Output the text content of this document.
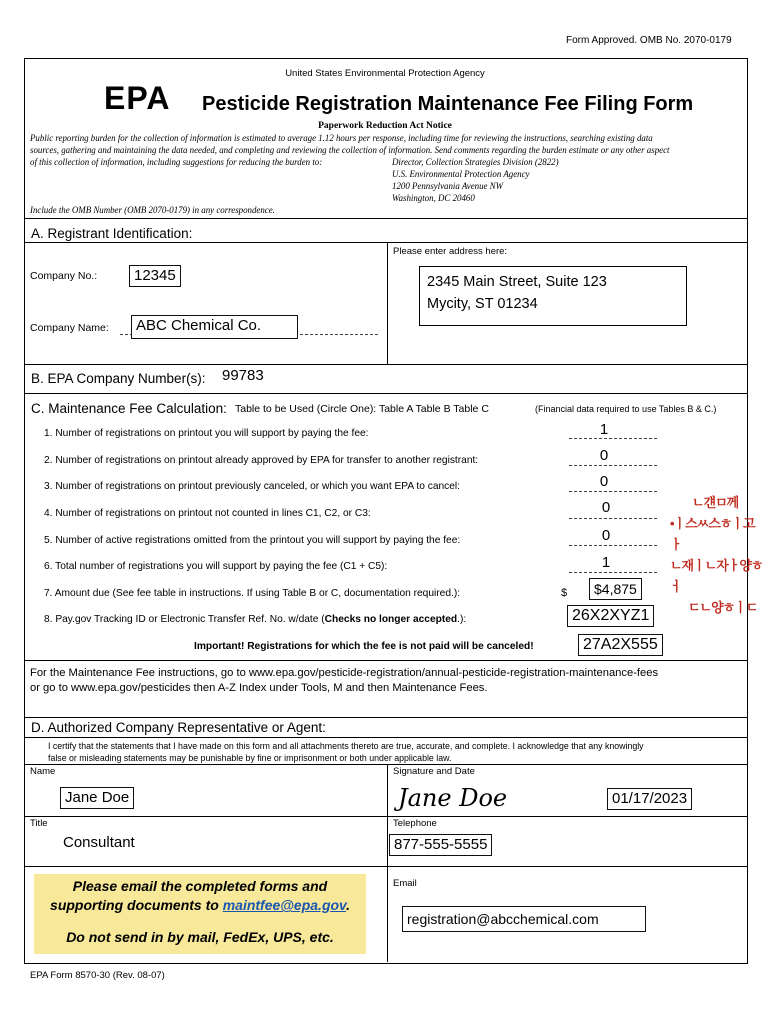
Form Approved. OMB No. 2070-0179
United States Environmental Protection Agency
EPA Pesticide Registration Maintenance Fee Filing Form
Paperwork Reduction Act Notice
Public reporting burden for the collection of information is estimated to average 1.12 hours per response, including time for reviewing the instructions, searching existing data
sources, gathering and maintaining the data needed, and completing and reviewing the collection of information. Send comments regarding the burden estimate or any other aspect
of this collection of information, including suggestions for reducing the burden to:	Director, Collection Strategies Division (2822)
U.S. Environmental Protection Agency
1200 Pennsylvania Avenue NW
Washington, DC 20460
Include the OMB Number (OMB 2070-0179) in any correspondence.
A. Registrant Identification:
Please enter address here:
Company No.:	12345
Company Name:	ABC Chemical Co.
2345 Main Street, Suite 123
Mycity, ST 01234
B. EPA Company Number(s): 99783
C. Maintenance Fee Calculation: Table to be Used (Circle One): Table A Table B Table C	(Financial data required to use Tables B & C.)
1. Number of registrations on printout you will support by paying the fee:	1
2. Number of registrations on printout already approved by EPA for transfer to another registrant:	0
3. Number of registrations on printout previously canceled, or which you want EPA to cancel:	0
4. Number of registrations on printout not counted in lines C1, C2, or C3:	0
5. Number of active registrations omitted from the printout you will support by paying the fee:	0
6. Total number of registrations you will support by paying the fee (C1 + C5):	1
ㄴ걘ㅁ께
•ㅣ스ㅆ스ㅎㅣ고ㅏ
ㄴ재ㅣㄴ자ㅏ양ㅎㅓ
ㄷㄴ양ㅎㅣㄷ
7. Amount due (See fee table in instructions. If using Table B or C, documentation required.):	$	$4,875
8. Pay.gov Tracking ID or Electronic Transfer Ref. No. w/date (Checks no longer accepted.):	26X2XYZ1
Important! Registrations for which the fee is not paid will be canceled!	27A2X555
For the Maintenance Fee instructions, go to www.epa.gov/pesticide-registration/annual-pesticide-registration-maintenance-fees
or go to www.epa.gov/pesticides then A-Z Index under Tools, M and then Maintenance Fees.
D. Authorized Company Representative or Agent:
I certify that the statements that I have made on this form and all attachments thereto are true, accurate, and complete. I acknowledge that any knowingly
false or misleading statements may be punishable by fine or imprisonment or both under applicable law.
Name	Signature and Date
Jane Doe	Jane Doe	01/17/2023
Title	Telephone
Consultant	877-555-5555
Email
registration@abcchemical.com
Please email the completed forms and
supporting documents to maintfee@epa.gov.
Do not send in by mail, FedEx, UPS, etc.
EPA Form 8570-30 (Rev. 08-07)
